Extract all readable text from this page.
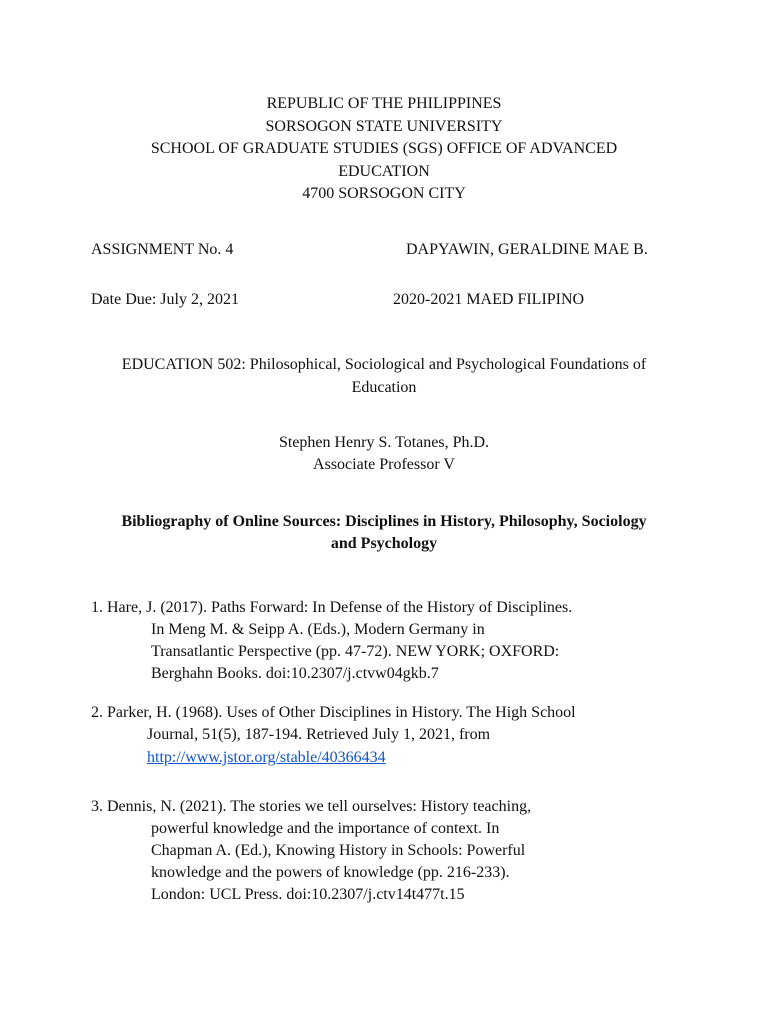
REPUBLIC OF THE PHILIPPINES
SORSOGON STATE UNIVERSITY
SCHOOL OF GRADUATE STUDIES (SGS) OFFICE OF ADVANCED
EDUCATION
4700 SORSOGON CITY
ASSIGNMENT No. 4	DAPYAWIN, GERALDINE MAE B.
Date Due: July 2, 2021	2020-2021 MAED FILIPINO
EDUCATION 502: Philosophical, Sociological and Psychological Foundations of
Education
Stephen Henry S. Totanes, Ph.D.
Associate Professor V
Bibliography of Online Sources: Disciplines in History, Philosophy, Sociology
and Psychology
1. Hare, J. (2017). Paths Forward: In Defense of the History of Disciplines.
In Meng M. & Seipp A. (Eds.), Modern Germany in
Transatlantic Perspective (pp. 47-72). NEW YORK; OXFORD:
Berghahn Books. doi:10.2307/j.ctvw04gkb.7
2. Parker, H. (1968). Uses of Other Disciplines in History. The High School
Journal, 51(5), 187-194. Retrieved July 1, 2021, from
http://www.jstor.org/stable/40366434
3. Dennis, N. (2021). The stories we tell ourselves: History teaching,
powerful knowledge and the importance of context. In
Chapman A. (Ed.), Knowing History in Schools: Powerful
knowledge and the powers of knowledge (pp. 216-233).
London: UCL Press. doi:10.2307/j.ctv14t477t.15
